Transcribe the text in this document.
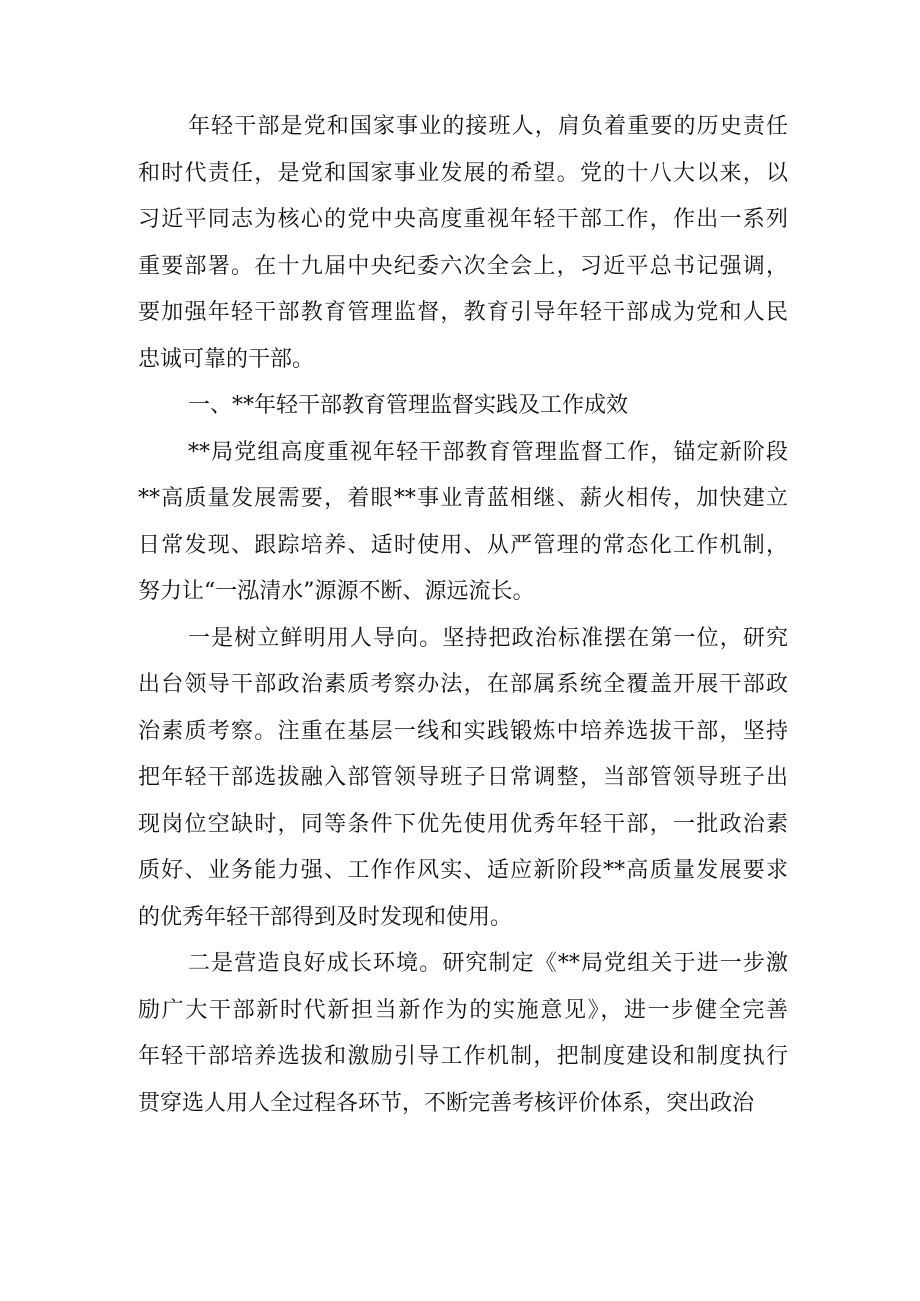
年轻干部是党和国家事业的接班人，肩负着重要的历史责任
和时代责任，是党和国家事业发展的希望。党的十八大以来，以
习近平同志为核心的党中央高度重视年轻干部工作，作出一系列
重要部署。在十九届中央纪委六次全会上，习近平总书记强调，
要加强年轻干部教育管理监督，教育引导年轻干部成为党和人民
忠诚可靠的干部。
一、**年轻干部教育管理监督实践及工作成效
**局党组高度重视年轻干部教育管理监督工作，锚定新阶段
**高质量发展需要，着眼**事业青蓝相继、薪火相传，加快建立
日常发现、跟踪培养、适时使用、从严管理的常态化工作机制，
努力让“一泓清水”源源不断、源远流长。
一是树立鲜明用人导向。坚持把政治标准摆在第一位，研究
出台领导干部政治素质考察办法，在部属系统全覆盖开展干部政
治素质考察。注重在基层一线和实践锻炼中培养选拔干部，坚持
把年轻干部选拔融入部管领导班子日常调整，当部管领导班子出
现岗位空缺时，同等条件下优先使用优秀年轻干部，一批政治素
质好、业务能力强、工作作风实、适应新阶段**高质量发展要求
的优秀年轻干部得到及时发现和使用。
二是营造良好成长环境。研究制定《**局党组关于进一步激
励广大干部新时代新担当新作为的实施意见》，进一步健全完善
年轻干部培养选拔和激励引导工作机制，把制度建设和制度执行
贯穿选人用人全过程各环节，不断完善考核评价体系，突出政治
